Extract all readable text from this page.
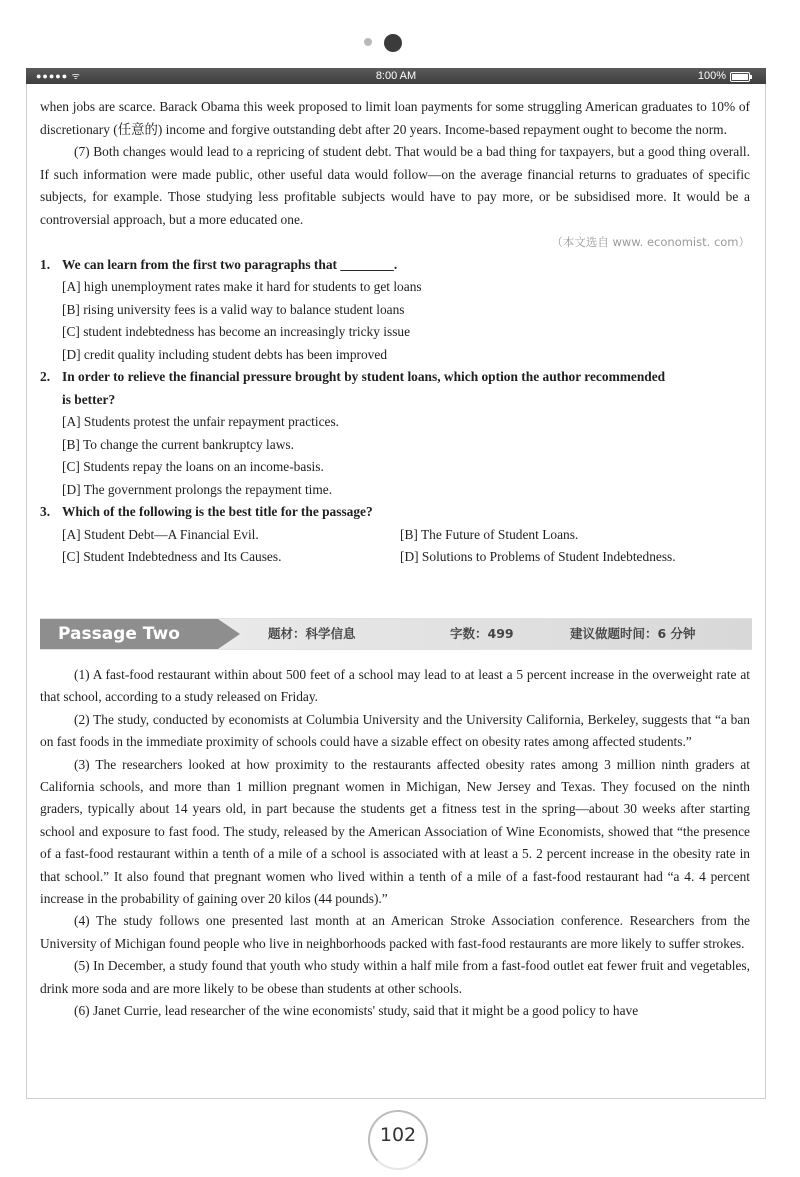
●●●●● ᯤ	8:00 AM	100%

when jobs are scarce. Barack Obama this week proposed to limit loan payments for some struggling American graduates to 10% of discretionary (任意的) income and forgive outstanding debt after 20 years. Income-based repayment ought to become the norm.

(7) Both changes would lead to a repricing of student debt. That would be a bad thing for taxpayers, but a good thing overall. If such information were made public, other useful data would follow—on the average financial returns to graduates of specific subjects, for example. Those studying less profitable subjects would have to pay more, or be subsidised more. It would be a controversial approach, but a more educated one.

（本文选自 www. economist. com）

1. We can learn from the first two paragraphs that ________.
[A] high unemployment rates make it hard for students to get loans
[B] rising university fees is a valid way to balance student loans
[C] student indebtedness has become an increasingly tricky issue
[D] credit quality including student debts has been improved
2. In order to relieve the financial pressure brought by student loans, which option the author recommended
is better?
[A] Students protest the unfair repayment practices.
[B] To change the current bankruptcy laws.
[C] Students repay the loans on an income-basis.
[D] The government prolongs the repayment time.
3. Which of the following is the best title for the passage?
[A] Student Debt—A Financial Evil.	[B] The Future of Student Loans.
[C] Student Indebtedness and Its Causes.	[D] Solutions to Problems of Student Indebtedness.
Passage Two	题材：科学信息	字数：499	建议做题时间：6 分钟

(1) A fast-food restaurant within about 500 feet of a school may lead to at least a 5 percent increase in the overweight rate at that school, according to a study released on Friday.

(2) The study, conducted by economists at Columbia University and the University California, Berkeley, suggests that “a ban on fast foods in the immediate proximity of schools could have a sizable effect on obesity rates among affected students.”

(3) The researchers looked at how proximity to the restaurants affected obesity rates among 3 million ninth graders at California schools, and more than 1 million pregnant women in Michigan, New Jersey and Texas. They focused on the ninth graders, typically about 14 years old, in part because the students get a fitness test in the spring—about 30 weeks after starting school and exposure to fast food. The study, released by the American Association of Wine Economists, showed that “the presence of a fast-food restaurant within a tenth of a mile of a school is associated with at least a 5. 2 percent increase in the obesity rate in that school.” It also found that pregnant women who lived within a tenth of a mile of a fast-food restaurant had “a 4. 4 percent increase in the probability of gaining over 20 kilos (44 pounds).”

(4) The study follows one presented last month at an American Stroke Association conference. Researchers from the University of Michigan found people who live in neighborhoods packed with fast-food restaurants are more likely to suffer strokes.

(5) In December, a study found that youth who study within a half mile from a fast-food outlet eat fewer fruit and vegetables, drink more soda and are more likely to be obese than students at other schools.

(6) Janet Currie, lead researcher of the wine economists' study, said that it might be a good policy to have

102
